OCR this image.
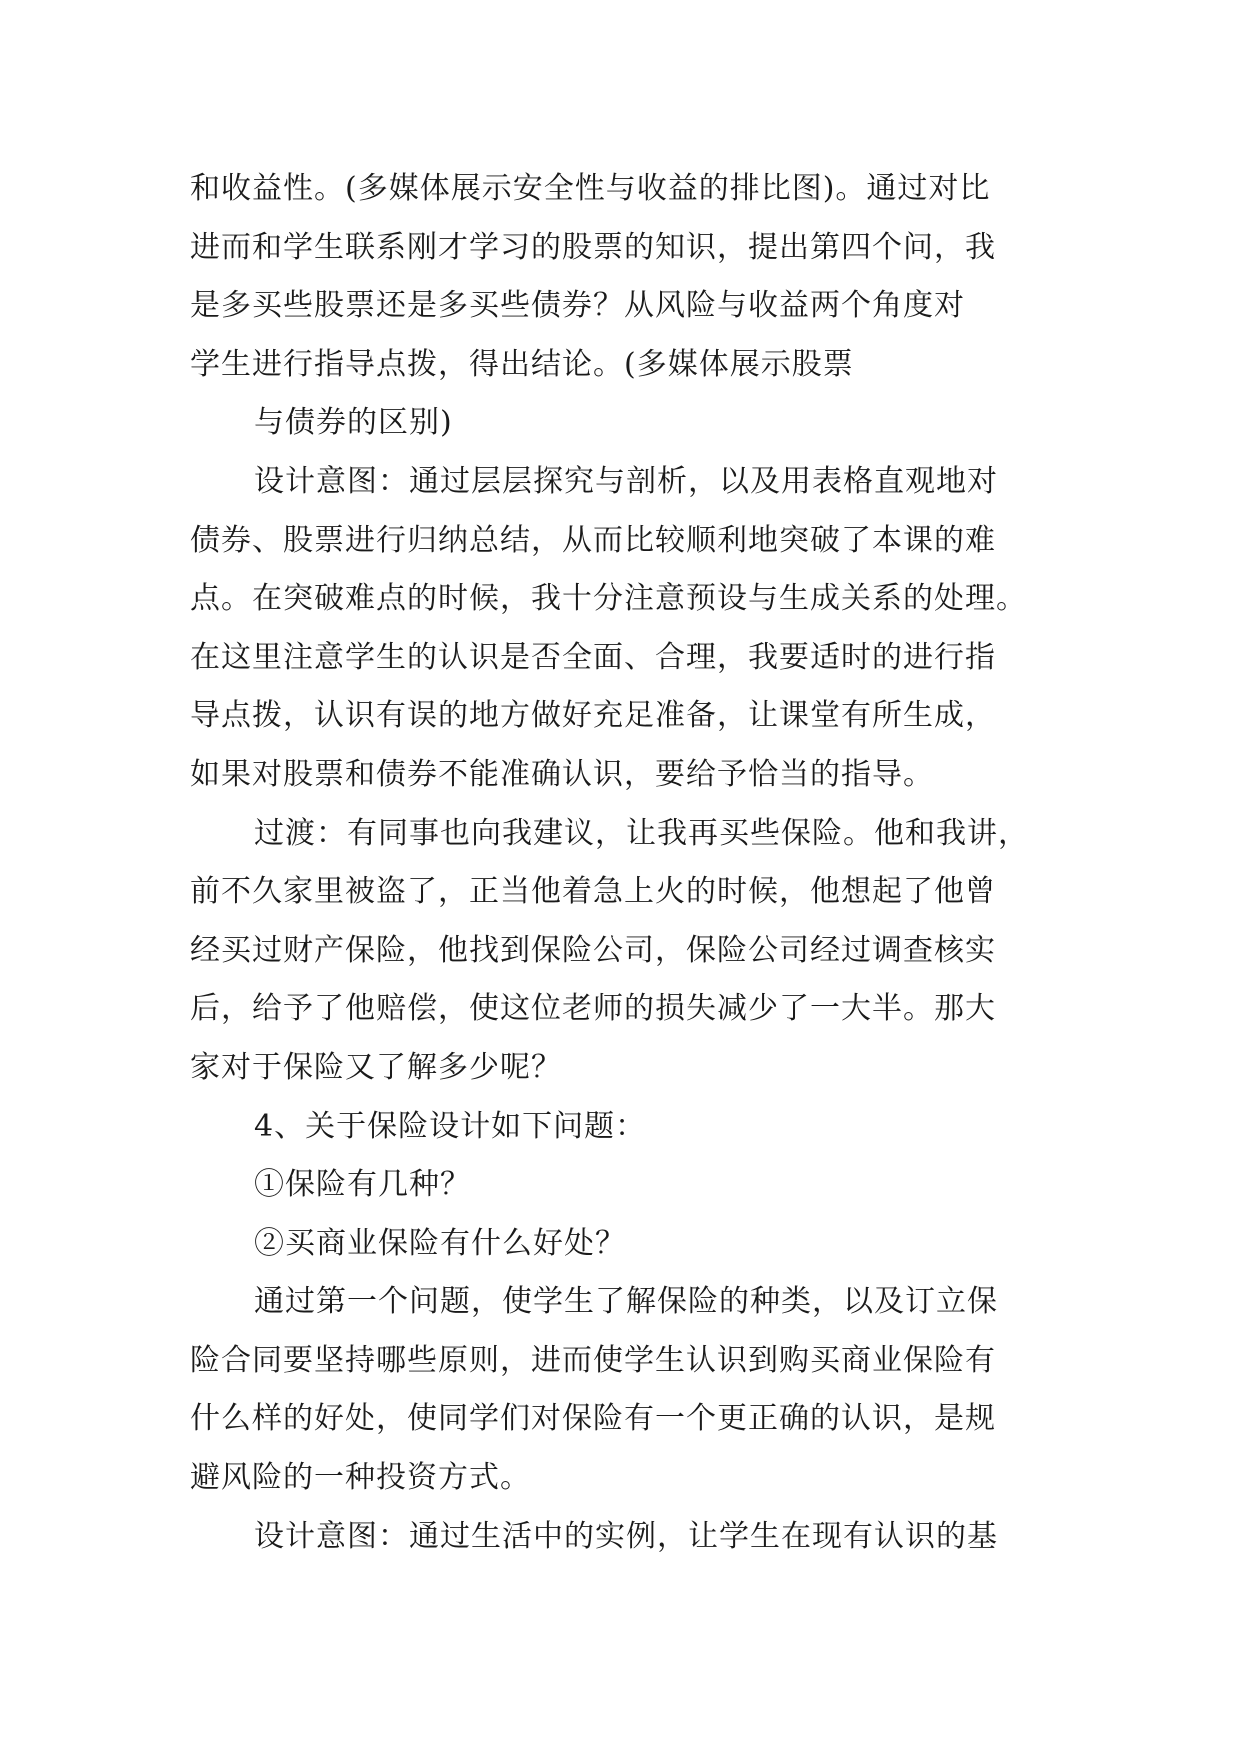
和收益性。(多媒体展示安全性与收益的排比图)。通过对比
进而和学生联系刚才学习的股票的知识，提出第四个问，我
是多买些股票还是多买些债券？从风险与收益两个角度对
学生进行指导点拨，得出结论。(多媒体展示股票
与债券的区别)
设计意图：通过层层探究与剖析，以及用表格直观地对
债券、股票进行归纳总结，从而比较顺利地突破了本课的难
点。在突破难点的时候，我十分注意预设与生成关系的处理。
在这里注意学生的认识是否全面、合理，我要适时的进行指
导点拨，认识有误的地方做好充足准备，让课堂有所生成，
如果对股票和债券不能准确认识，要给予恰当的指导。
过渡：有同事也向我建议，让我再买些保险。他和我讲，
前不久家里被盗了，正当他着急上火的时候，他想起了他曾
经买过财产保险，他找到保险公司，保险公司经过调查核实
后，给予了他赔偿，使这位老师的损失减少了一大半。那大
家对于保险又了解多少呢？
4、关于保险设计如下问题：
①保险有几种？
②买商业保险有什么好处？
通过第一个问题，使学生了解保险的种类，以及订立保
险合同要坚持哪些原则，进而使学生认识到购买商业保险有
什么样的好处，使同学们对保险有一个更正确的认识，是规
避风险的一种投资方式。
设计意图：通过生活中的实例，让学生在现有认识的基
